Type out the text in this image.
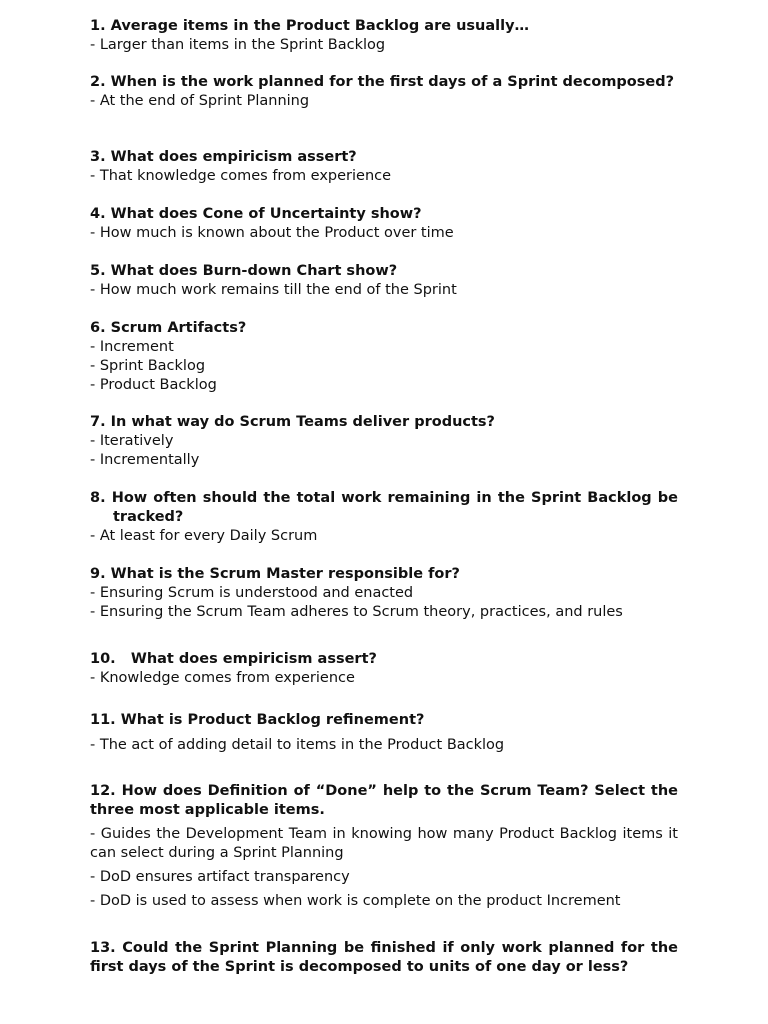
1. Average items in the Product Backlog are usually…

- Larger than items in the Sprint Backlog

2. When is the work planned for the first days of a Sprint decomposed?

- At the end of Sprint Planning

3. What does empiricism assert?

- That knowledge comes from experience

4. What does Cone of Uncertainty show?

- How much is known about the Product over time

5. What does Burn-down Chart show?

- How much work remains till the end of the Sprint

6. Scrum Artifacts?

- Increment

- Sprint Backlog

- Product Backlog

7. In what way do Scrum Teams deliver products?

- Iteratively

- Incrementally

8. How often should the total work remaining in the Sprint Backlog be tracked?

- At least for every Daily Scrum

9. What is the Scrum Master responsible for?

- Ensuring Scrum is understood and enacted

- Ensuring the Scrum Team adheres to Scrum theory, practices, and rules

10.   What does empiricism assert?

- Knowledge comes from experience

11. What is Product Backlog refinement?

- The act of adding detail to items in the Product Backlog

12. How does Definition of “Done” help to the Scrum Team? Select the three most applicable items.

- Guides the Development Team in knowing how many Product Backlog items it can select during a Sprint Planning

- DoD ensures artifact transparency

- DoD is used to assess when work is complete on the product Increment

13. Could the Sprint Planning be finished if only work planned for the first days of the Sprint is decomposed to units of one day or less?
